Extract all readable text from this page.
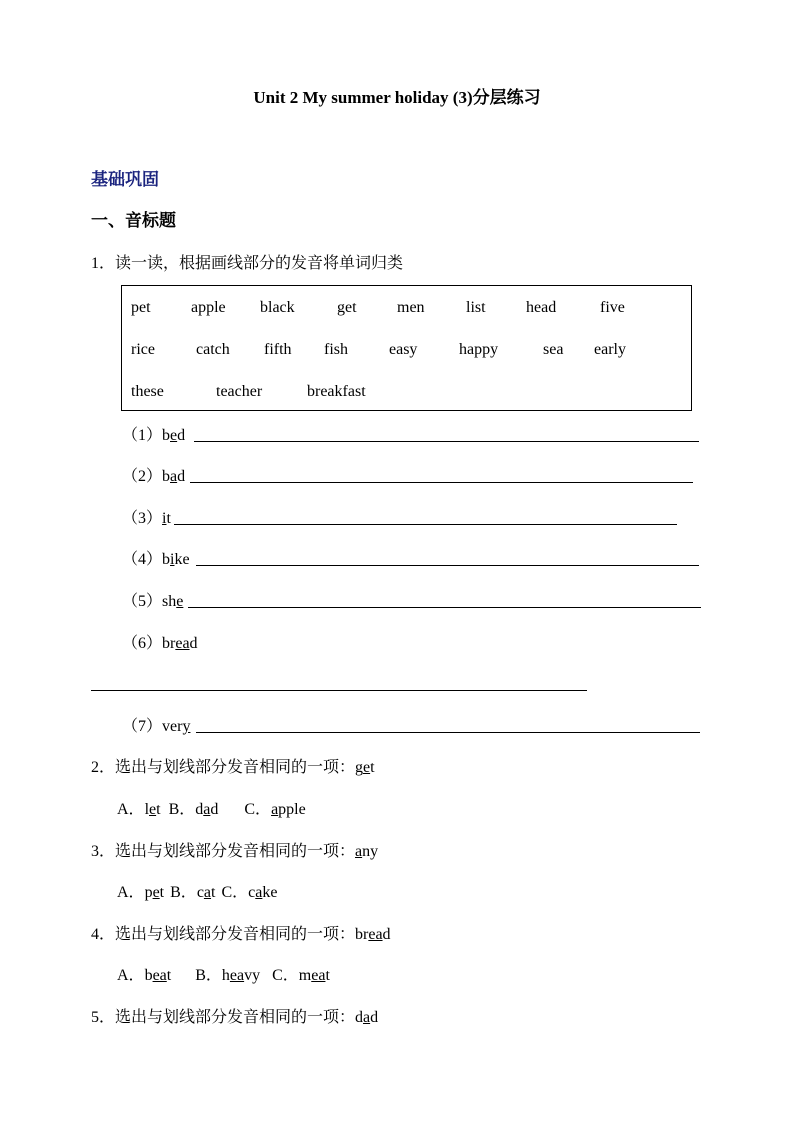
Unit 2 My summer holiday (3)分层练习
基础巩固
一、音标题
1．读一读，根据画线部分的发音将单词归类
pet	apple black	get	men	list	head	five
rice	catch fifth fish	easy	happy	sea early
these	teacher	breakfast
（1）bed
（2）bad
（3）it
（4）bike
（5）she
（6）bread
（7）very
2．选出与划线部分发音相同的一项：get
A．let B．dad C．apple
3．选出与划线部分发音相同的一项：any
A．pet B．cat C．cake
4．选出与划线部分发音相同的一项：bread
A．beat B．heavy C．meat
5．选出与划线部分发音相同的一项：dad
